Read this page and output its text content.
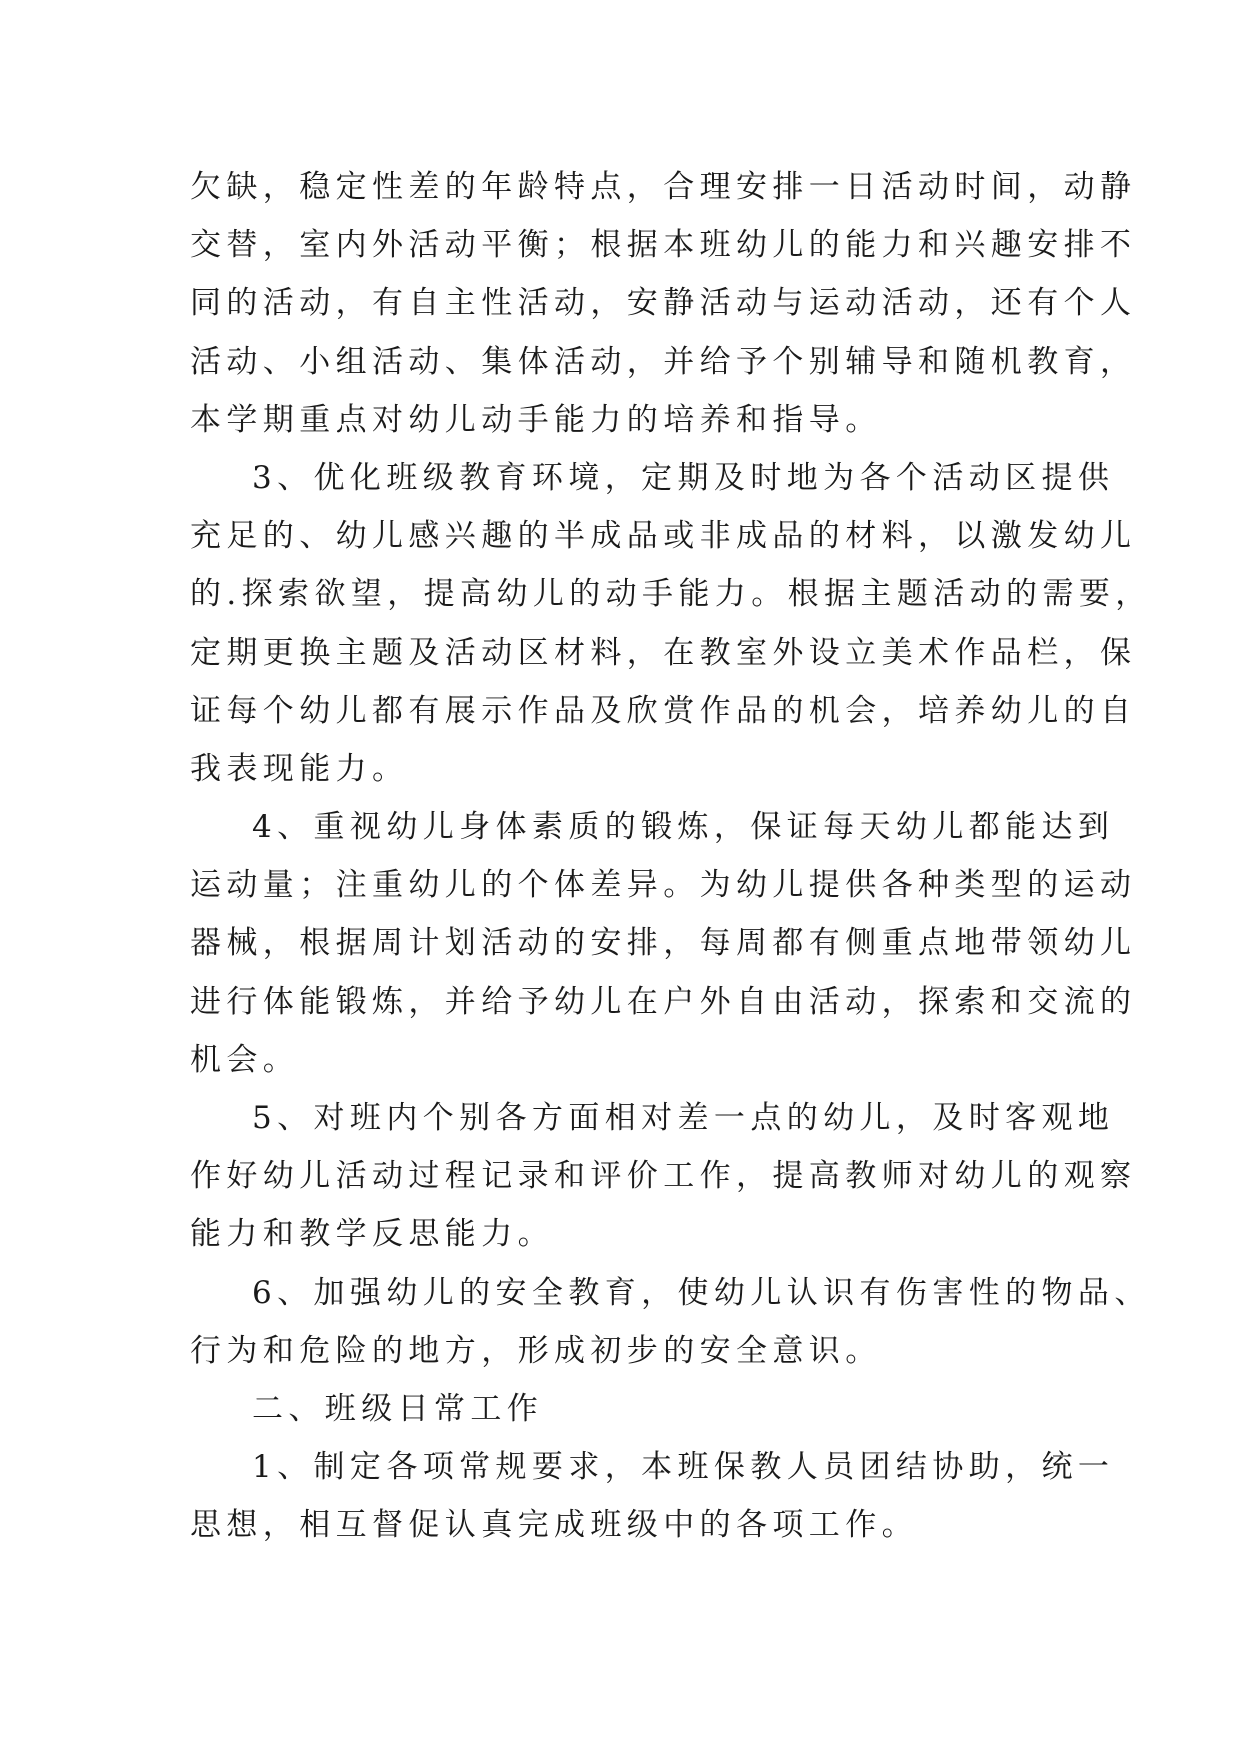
欠缺，稳定性差的年龄特点，合理安排一日活动时间，动静
交替，室内外活动平衡；根据本班幼儿的能力和兴趣安排不
同的活动，有自主性活动，安静活动与运动活动，还有个人
活动、小组活动、集体活动，并给予个别辅导和随机教育，
本学期重点对幼儿动手能力的培养和指导。
3、优化班级教育环境，定期及时地为各个活动区提供
充足的、幼儿感兴趣的半成品或非成品的材料，以激发幼儿
的.探索欲望，提高幼儿的动手能力。根据主题活动的需要，
定期更换主题及活动区材料，在教室外设立美术作品栏，保
证每个幼儿都有展示作品及欣赏作品的机会，培养幼儿的自
我表现能力。
4、重视幼儿身体素质的锻炼，保证每天幼儿都能达到
运动量；注重幼儿的个体差异。为幼儿提供各种类型的运动
器械，根据周计划活动的安排，每周都有侧重点地带领幼儿
进行体能锻炼，并给予幼儿在户外自由活动，探索和交流的
机会。
5、对班内个别各方面相对差一点的幼儿，及时客观地
作好幼儿活动过程记录和评价工作，提高教师对幼儿的观察
能力和教学反思能力。
6、加强幼儿的安全教育，使幼儿认识有伤害性的物品、
行为和危险的地方，形成初步的安全意识。
二、班级日常工作
1、制定各项常规要求，本班保教人员团结协助，统一
思想，相互督促认真完成班级中的各项工作。
